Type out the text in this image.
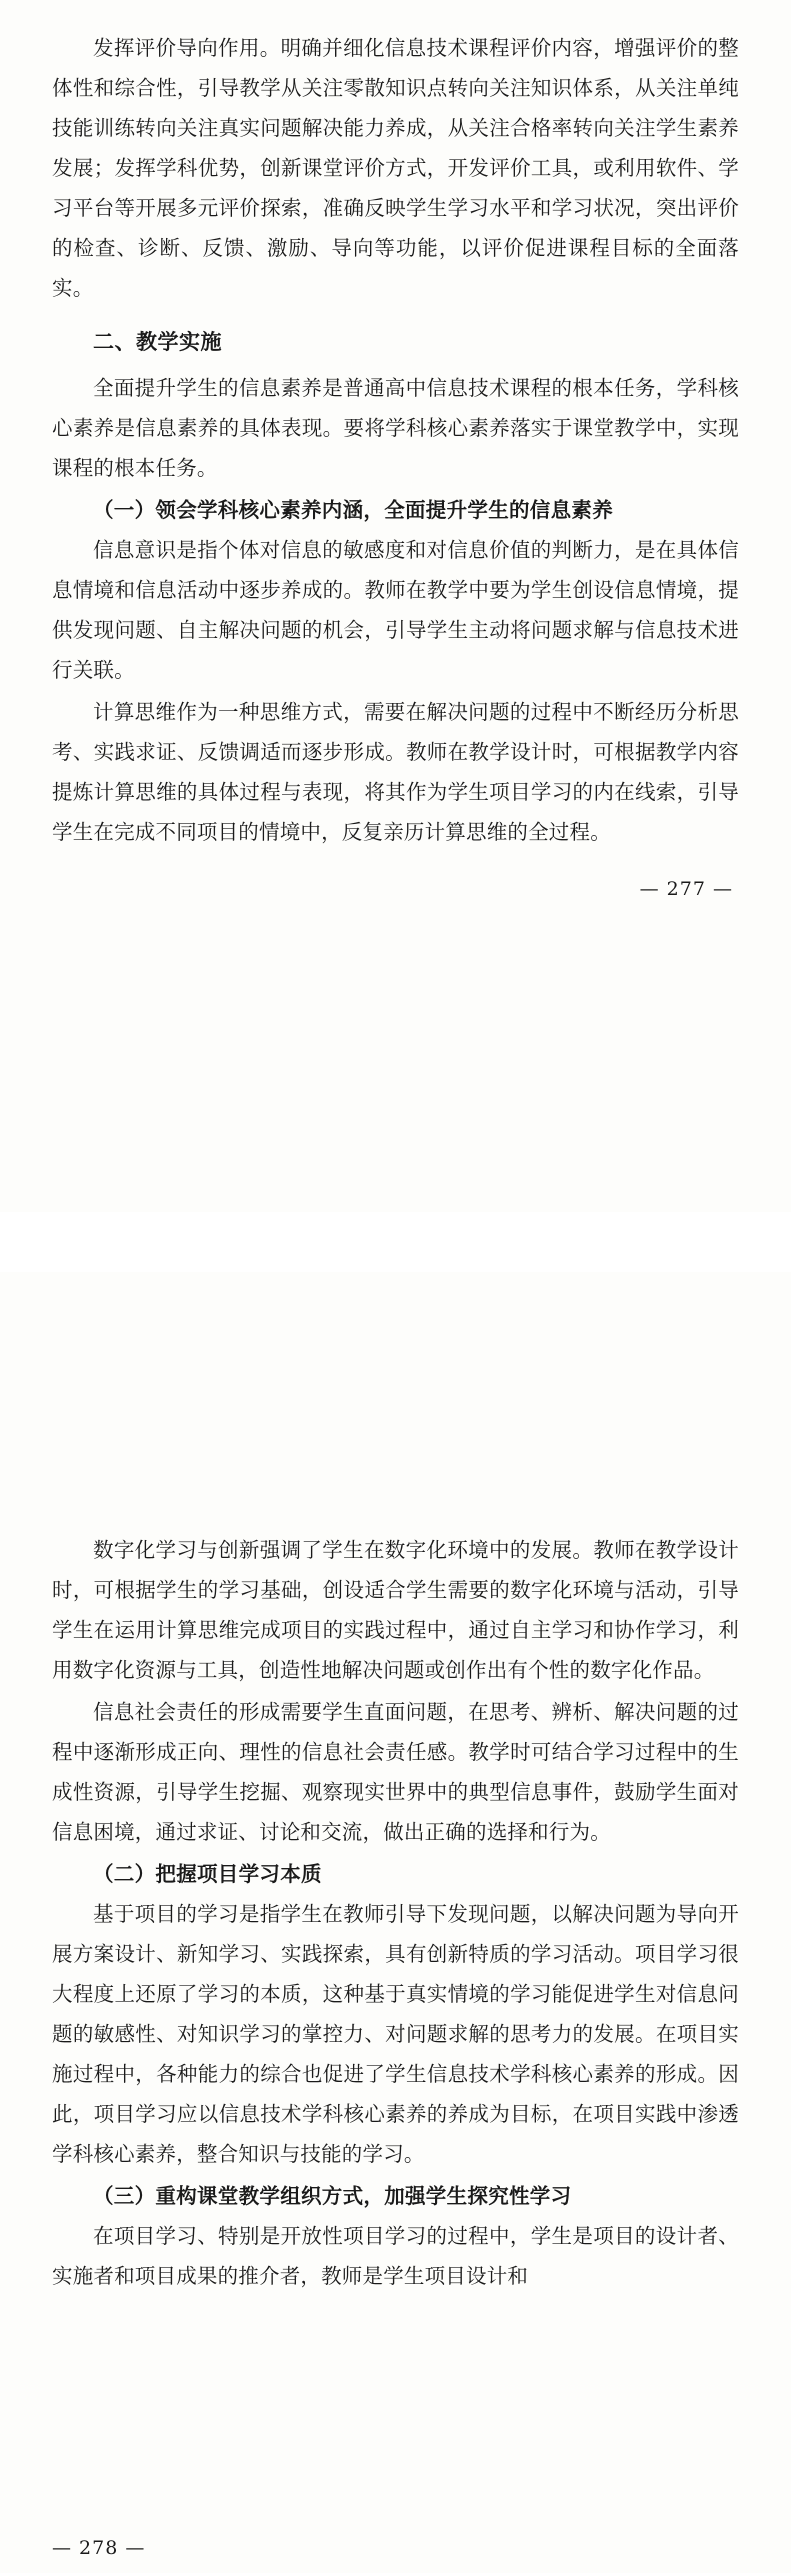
发挥评价导向作用。明确并细化信息技术课程评价内容，增强评价的整体性和综合性，引导教学从关注零散知识点转向关注知识体系，从关注单纯技能训练转向关注真实问题解决能力养成，从关注合格率转向关注学生素养发展；发挥学科优势，创新课堂评价方式，开发评价工具，或利用软件、学习平台等开展多元评价探索，准确反映学生学习水平和学习状况，突出评价的检查、诊断、反馈、激励、导向等功能，以评价促进课程目标的全面落实。

二、教学实施

全面提升学生的信息素养是普通高中信息技术课程的根本任务，学科核心素养是信息素养的具体表现。要将学科核心素养落实于课堂教学中，实现课程的根本任务。

（一）领会学科核心素养内涵，全面提升学生的信息素养

信息意识是指个体对信息的敏感度和对信息价值的判断力，是在具体信息情境和信息活动中逐步养成的。教师在教学中要为学生创设信息情境，提供发现问题、自主解决问题的机会，引导学生主动将问题求解与信息技术进行关联。

计算思维作为一种思维方式，需要在解决问题的过程中不断经历分析思考、实践求证、反馈调适而逐步形成。教师在教学设计时，可根据教学内容提炼计算思维的具体过程与表现，将其作为学生项目学习的内在线索，引导学生在完成不同项目的情境中，反复亲历计算思维的全过程。

— 277 —

数字化学习与创新强调了学生在数字化环境中的发展。教师在教学设计时，可根据学生的学习基础，创设适合学生需要的数字化环境与活动，引导学生在运用计算思维完成项目的实践过程中，通过自主学习和协作学习，利用数字化资源与工具，创造性地解决问题或创作出有个性的数字化作品。

信息社会责任的形成需要学生直面问题，在思考、辨析、解决问题的过程中逐渐形成正向、理性的信息社会责任感。教学时可结合学习过程中的生成性资源，引导学生挖掘、观察现实世界中的典型信息事件，鼓励学生面对信息困境，通过求证、讨论和交流，做出正确的选择和行为。

（二）把握项目学习本质

基于项目的学习是指学生在教师引导下发现问题，以解决问题为导向开展方案设计、新知学习、实践探索，具有创新特质的学习活动。项目学习很大程度上还原了学习的本质，这种基于真实情境的学习能促进学生对信息问题的敏感性、对知识学习的掌控力、对问题求解的思考力的发展。在项目实施过程中，各种能力的综合也促进了学生信息技术学科核心素养的形成。因此，项目学习应以信息技术学科核心素养的养成为目标，在项目实践中渗透学科核心素养，整合知识与技能的学习。

（三）重构课堂教学组织方式，加强学生探究性学习

在项目学习、特别是开放性项目学习的过程中，学生是项目的设计者、实施者和项目成果的推介者，教师是学生项目设计和

— 278 —
